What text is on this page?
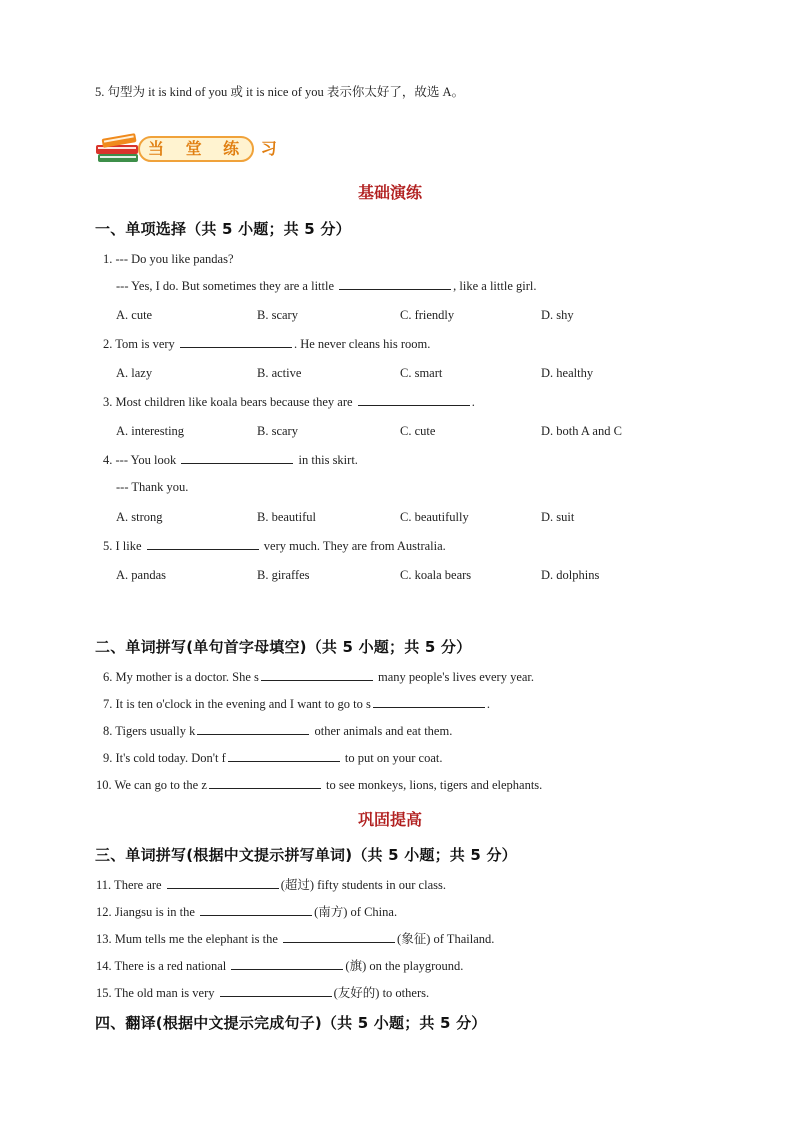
5. 句型为 it is kind of you 或 it is nice of you 表示你太好了，故选 A。
当 堂 练 习
基础演练
一、单项选择（共 5 小题；共 5 分）
1. --- Do you like pandas?
--- Yes, I do. But sometimes they are a little	, like a little girl.
A. cute	B. scary	C. friendly	D. shy
2. Tom is very	. He never cleans his room.
A. lazy	B. active	C. smart	D. healthy
3. Most children like koala bears because they are	.
A. interesting	B. scary	C. cute	D. both A and C
4. --- You look	in this skirt.
--- Thank you.
A. strong	B. beautiful	C. beautifully	D. suit
5. I like	very much. They are from Australia.
A. pandas	B. giraffes	C. koala bears	D. dolphins
二、单词拼写(单句首字母填空)（共 5 小题；共 5 分）
6. My mother is a doctor. She s	many people's lives every year.
7. It is ten o'clock in the evening and I want to go to s	.
8. Tigers usually k	other animals and eat them.
9. It's cold today. Don't f	to put on your coat.
10. We can go to the z	to see monkeys, lions, tigers and elephants.
巩固提高
三、单词拼写(根据中文提示拼写单词)（共 5 小题；共 5 分）
11. There are	(超过) fifty students in our class.
12. Jiangsu is in the	(南方) of China.
13. Mum tells me the elephant is the	(象征) of Thailand.
14. There is a red national	(旗) on the playground.
15. The old man is very	(友好的) to others.
四、翻译(根据中文提示完成句子)（共 5 小题；共 5 分）
